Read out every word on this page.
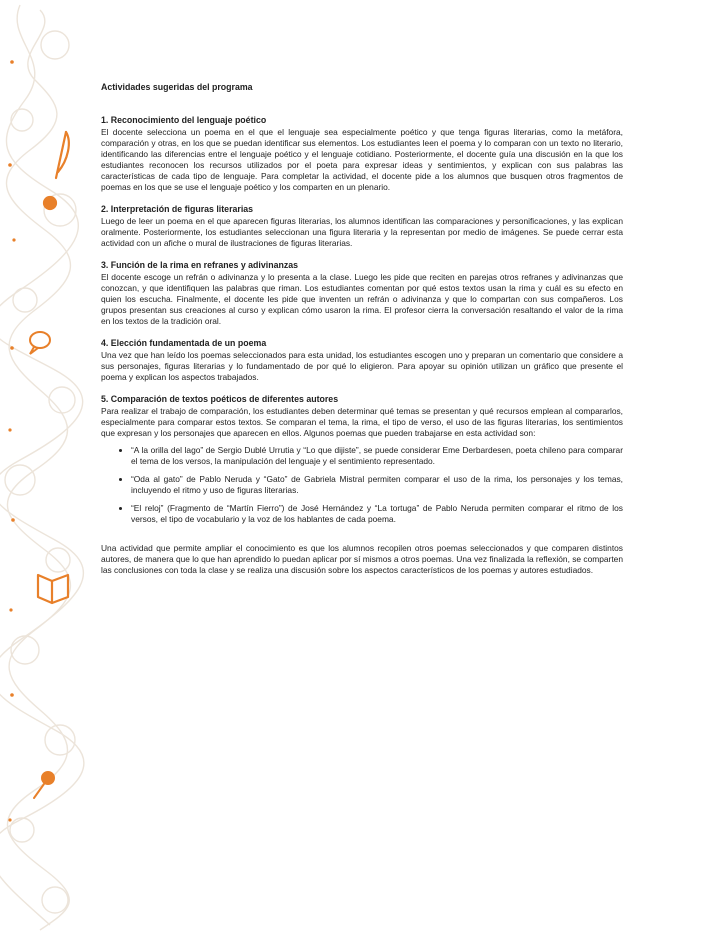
Actividades sugeridas del programa
1. Reconocimiento del lenguaje poético

El docente selecciona un poema en el que el lenguaje sea especialmente poético y que tenga figuras literarias, como la metáfora, comparación y otras, en los que se puedan identificar sus elementos. Los estudiantes leen el poema y lo comparan con un texto no literario, identificando las diferencias entre el lenguaje poético y el lenguaje cotidiano. Posteriormente, el docente guía una discusión en la que los estudiantes reconocen los recursos utilizados por el poeta para expresar ideas y sentimientos, y explican con sus palabras las características de cada tipo de lenguaje. Para completar la actividad, el docente pide a los alumnos que busquen otros fragmentos de poemas en los que se use el lenguaje poético y los comparten en un plenario.

2. Interpretación de figuras literarias

Luego de leer un poema en el que aparecen figuras literarias, los alumnos identifican las comparaciones y personificaciones, y las explican oralmente. Posteriormente, los estudiantes seleccionan una figura literaria y la representan por medio de imágenes. Se puede cerrar esta actividad con un afiche o mural de ilustraciones de figuras literarias.

3. Función de la rima en refranes y adivinanzas

El docente escoge un refrán o adivinanza y lo presenta a la clase. Luego les pide que reciten en parejas otros refranes y adivinanzas que conozcan, y que identifiquen las palabras que riman. Los estudiantes comentan por qué estos textos usan la rima y cuál es su efecto en quien los escucha. Finalmente, el docente les pide que inventen un refrán o adivinanza y que lo compartan con sus compañeros. Los grupos presentan sus creaciones al curso y explican cómo usaron la rima. El profesor cierra la conversación resaltando el valor de la rima en los textos de la tradición oral.

4. Elección fundamentada de un poema

Una vez que han leído los poemas seleccionados para esta unidad, los estudiantes escogen uno y preparan un comentario que considere a sus personajes, figuras literarias y lo fundamentado de por qué lo eligieron. Para apoyar su opinión utilizan un gráfico que presente el poema y explican los aspectos trabajados.

5. Comparación de textos poéticos de diferentes autores

Para realizar el trabajo de comparación, los estudiantes deben determinar qué temas se presentan y qué recursos emplean al compararlos, especialmente para comparar estos textos. Se comparan el tema, la rima, el tipo de verso, el uso de las figuras literarias, los sentimientos que expresan y los personajes que aparecen en ellos. Algunos poemas que pueden trabajarse en esta actividad son:

• “A la orilla del lago” de Sergio Dublé Urrutia y “Lo que dijiste”, se puede considerar Eme Derbardesen, poeta chileno para comparar el tema de los versos, la manipulación del lenguaje y el sentimiento representado.
• “Oda al gato” de Pablo Neruda y “Gato” de Gabriela Mistral permiten comparar el uso de la rima, los personajes y los temas, incluyendo el ritmo y uso de figuras literarias.
• “El reloj” (Fragmento de “Martín Fierro”) de José Hernández y “La tortuga” de Pablo Neruda permiten comparar el ritmo de los versos, el tipo de vocabulario y la voz de los hablantes de cada poema.

Una actividad que permite ampliar el conocimiento es que los alumnos recopilen otros poemas seleccionados y que comparen distintos autores, de manera que lo que han aprendido lo puedan aplicar por sí mismos a otros poemas. Una vez finalizada la reflexión, se comparten las conclusiones con toda la clase y se realiza una discusión sobre los aspectos característicos de los poemas y autores estudiados.
